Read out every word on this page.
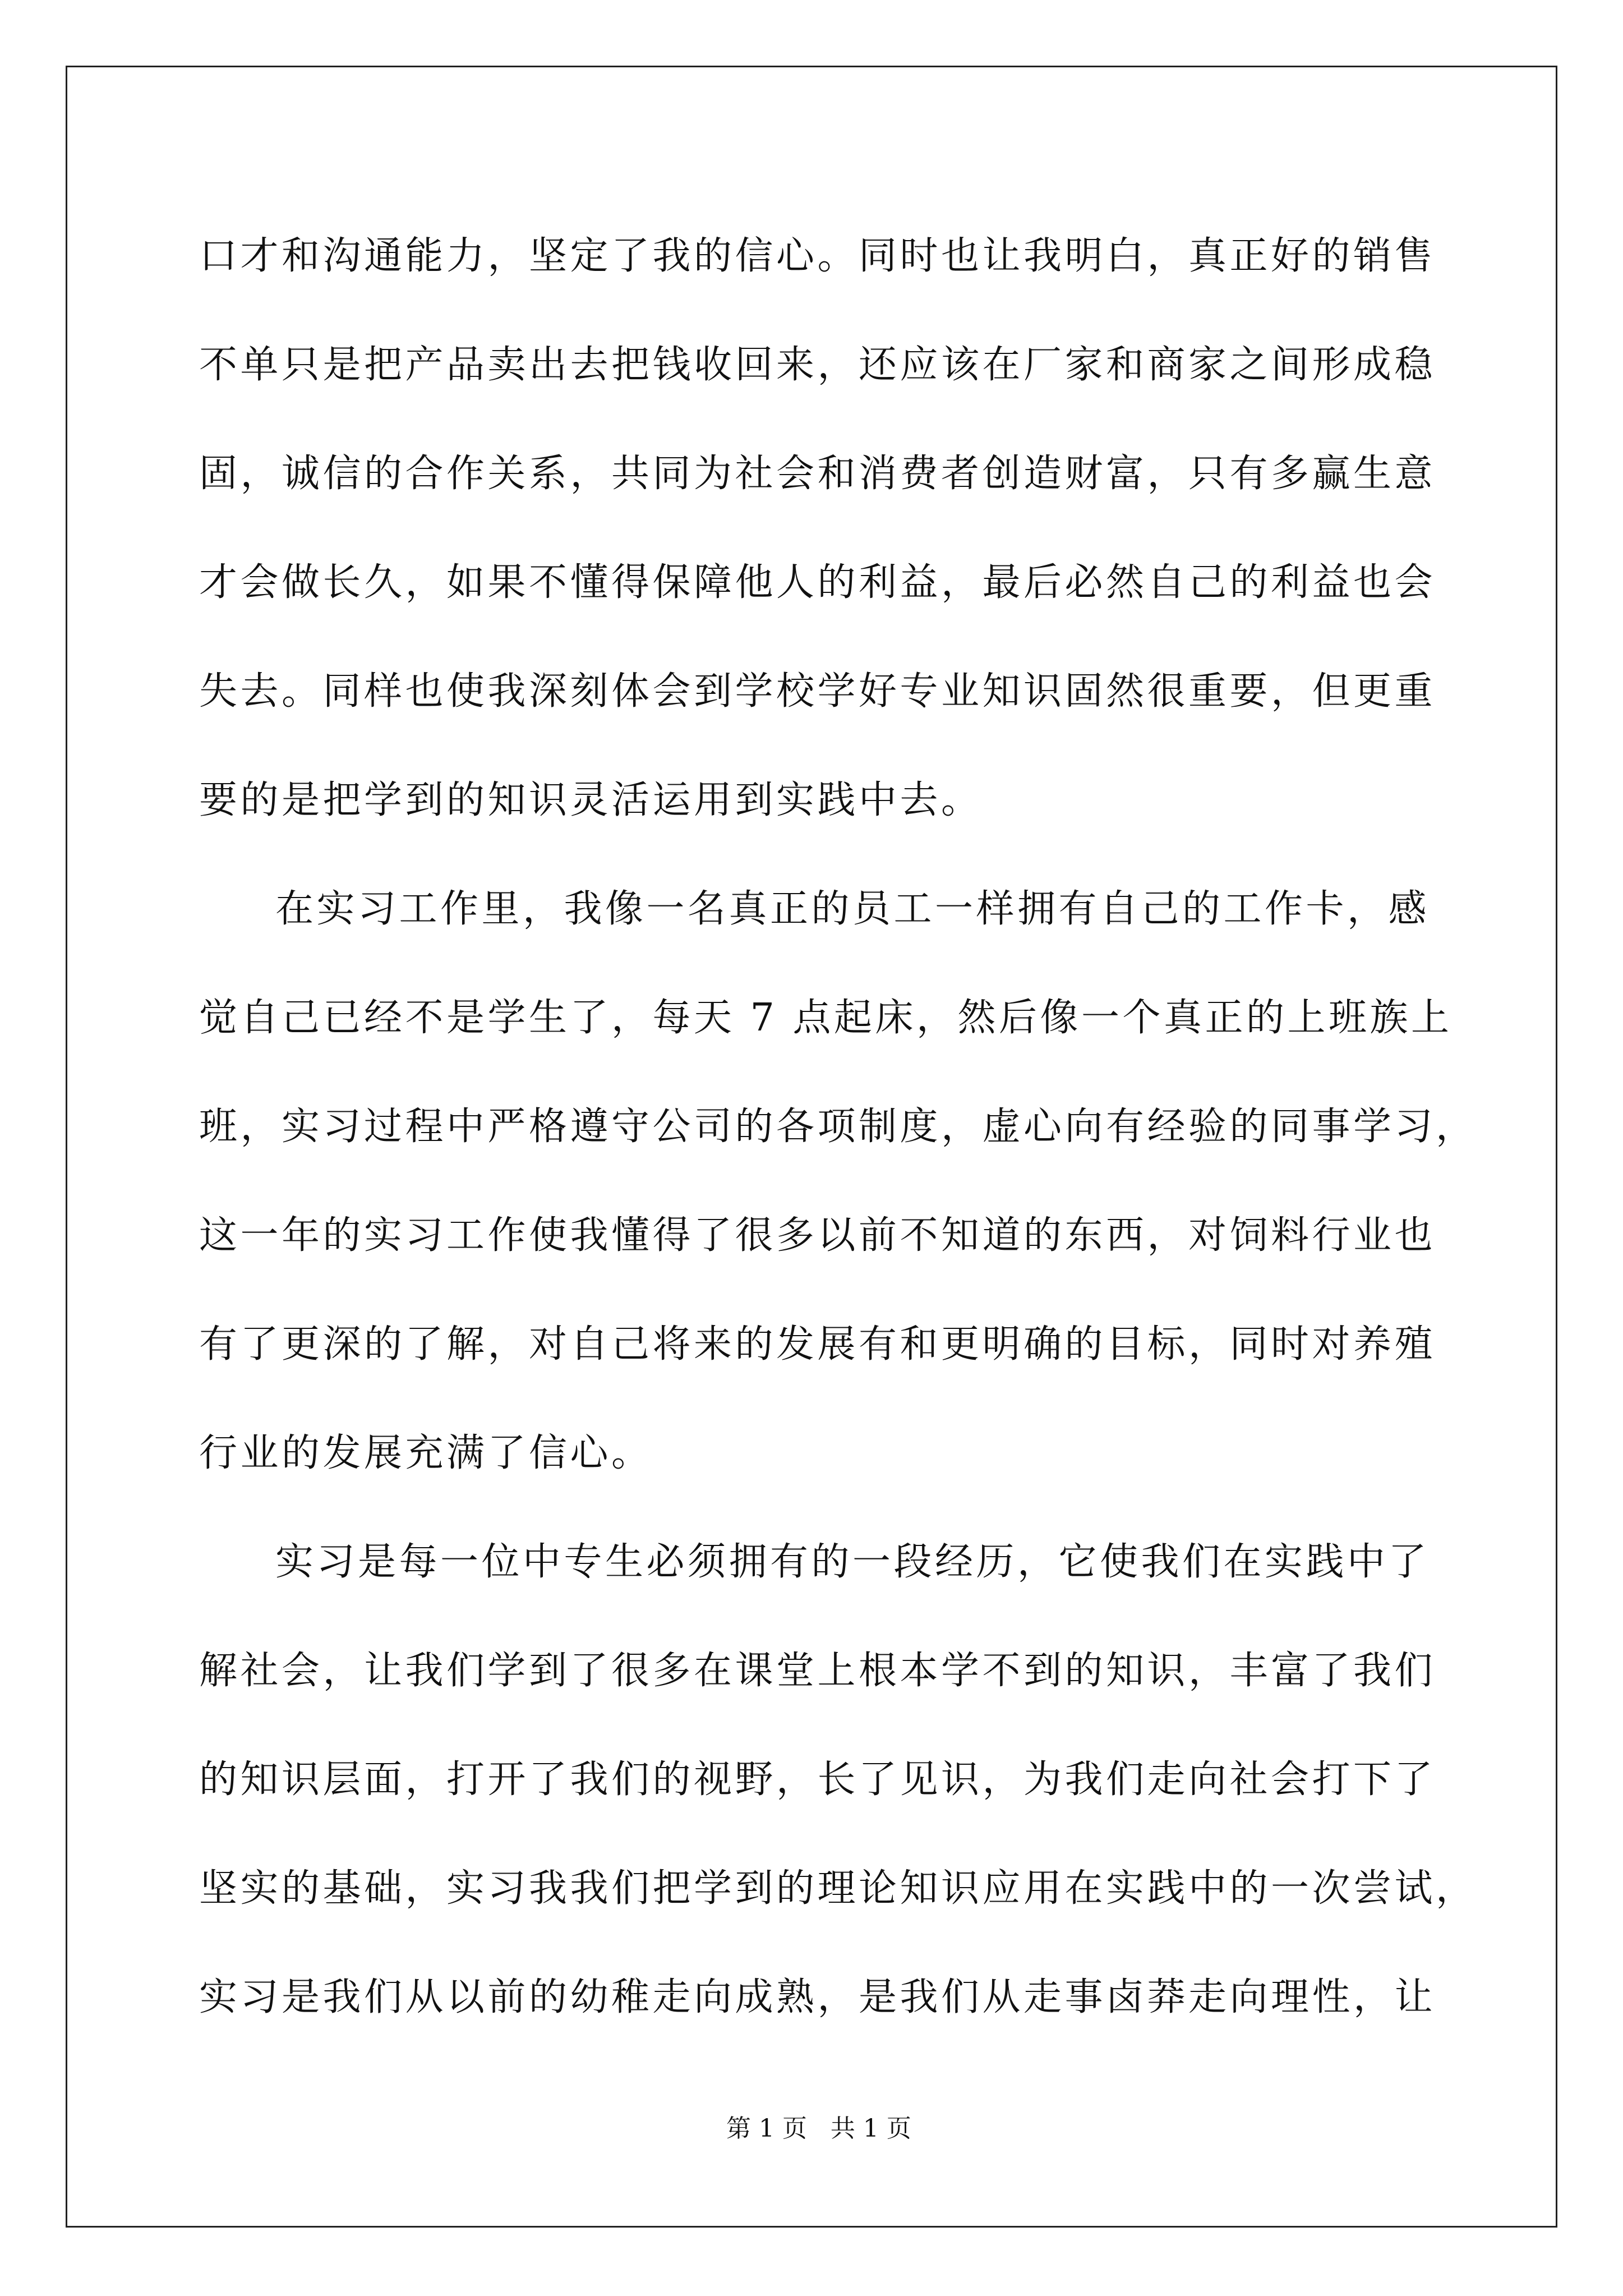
口才和沟通能力，坚定了我的信心。同时也让我明白，真正好的销售
不单只是把产品卖出去把钱收回来，还应该在厂家和商家之间形成稳
固，诚信的合作关系，共同为社会和消费者创造财富，只有多赢生意
才会做长久，如果不懂得保障他人的利益，最后必然自己的利益也会
失去。同样也使我深刻体会到学校学好专业知识固然很重要，但更重
要的是把学到的知识灵活运用到实践中去。
在实习工作里，我像一名真正的员工一样拥有自己的工作卡，感
觉自己已经不是学生了，每天 7 点起床，然后像一个真正的上班族上
班，实习过程中严格遵守公司的各项制度，虚心向有经验的同事学习，
这一年的实习工作使我懂得了很多以前不知道的东西，对饲料行业也
有了更深的了解，对自己将来的发展有和更明确的目标，同时对养殖
行业的发展充满了信心。
实习是每一位中专生必须拥有的一段经历，它使我们在实践中了
解社会，让我们学到了很多在课堂上根本学不到的知识，丰富了我们
的知识层面，打开了我们的视野，长了见识，为我们走向社会打下了
坚实的基础，实习我我们把学到的理论知识应用在实践中的一次尝试，
实习是我们从以前的幼稚走向成熟，是我们从走事卤莽走向理性，让
第 1 页   共 1 页
